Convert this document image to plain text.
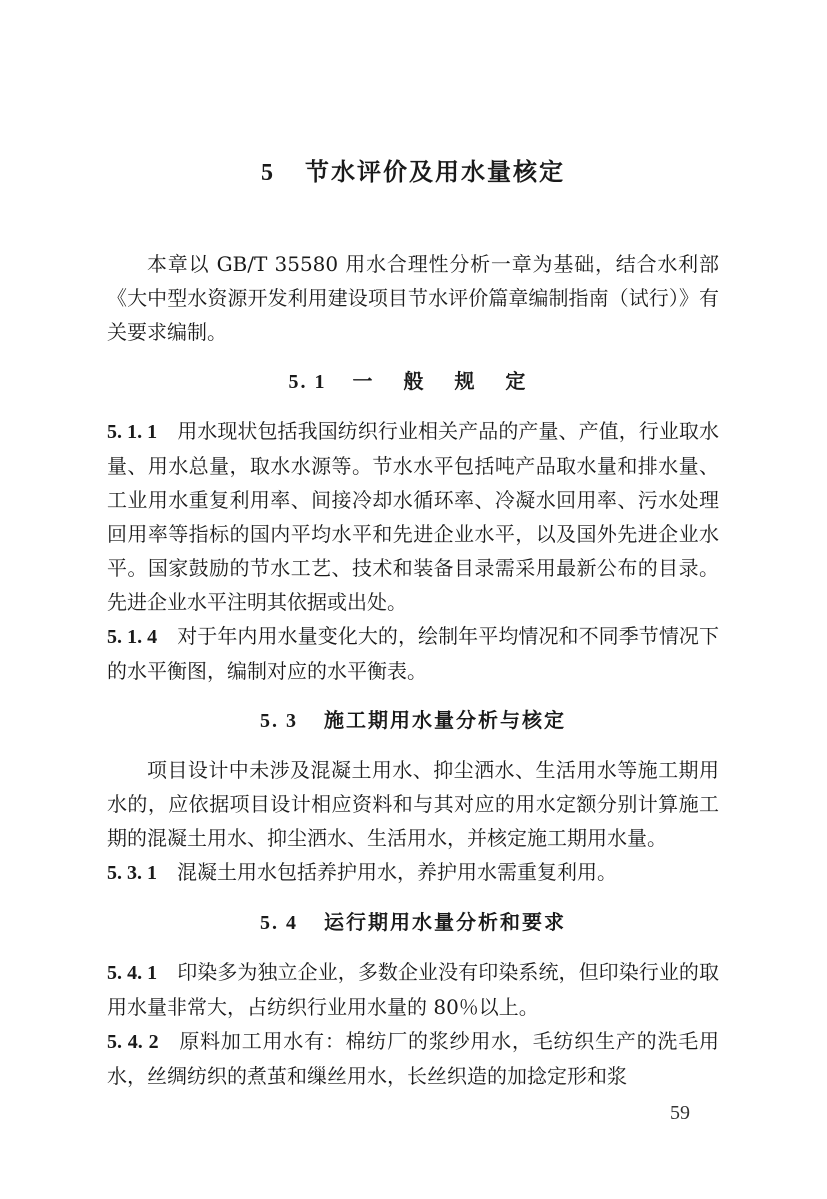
5 节水评价及用水量核定

本章以 GB/T 35580 用水合理性分析一章为基础，结合水利部《大中型水资源开发利用建设项目节水评价篇章编制指南（试行）》有关要求编制。

5. 1 一 般 规 定

5. 1. 1 用水现状包括我国纺织行业相关产品的产量、产值，行业取水量、用水总量，取水水源等。节水水平包括吨产品取水量和排水量、工业用水重复利用率、间接冷却水循环率、冷凝水回用率、污水处理回用率等指标的国内平均水平和先进企业水平，以及国外先进企业水平。国家鼓励的节水工艺、技术和装备目录需采用最新公布的目录。先进企业水平注明其依据或出处。

5. 1. 4 对于年内用水量变化大的，绘制年平均情况和不同季节情况下的水平衡图，编制对应的水平衡表。

5. 3 施工期用水量分析与核定

项目设计中未涉及混凝土用水、抑尘洒水、生活用水等施工期用水的，应依据项目设计相应资料和与其对应的用水定额分别计算施工期的混凝土用水、抑尘洒水、生活用水，并核定施工期用水量。

5. 3. 1 混凝土用水包括养护用水，养护用水需重复利用。

5. 4 运行期用水量分析和要求

5. 4. 1 印染多为独立企业，多数企业没有印染系统，但印染行业的取用水量非常大，占纺织行业用水量的 80％以上。

5. 4. 2 原料加工用水有：棉纺厂的浆纱用水，毛纺织生产的洗毛用水，丝绸纺织的煮茧和缫丝用水，长丝织造的加捻定形和浆

59
